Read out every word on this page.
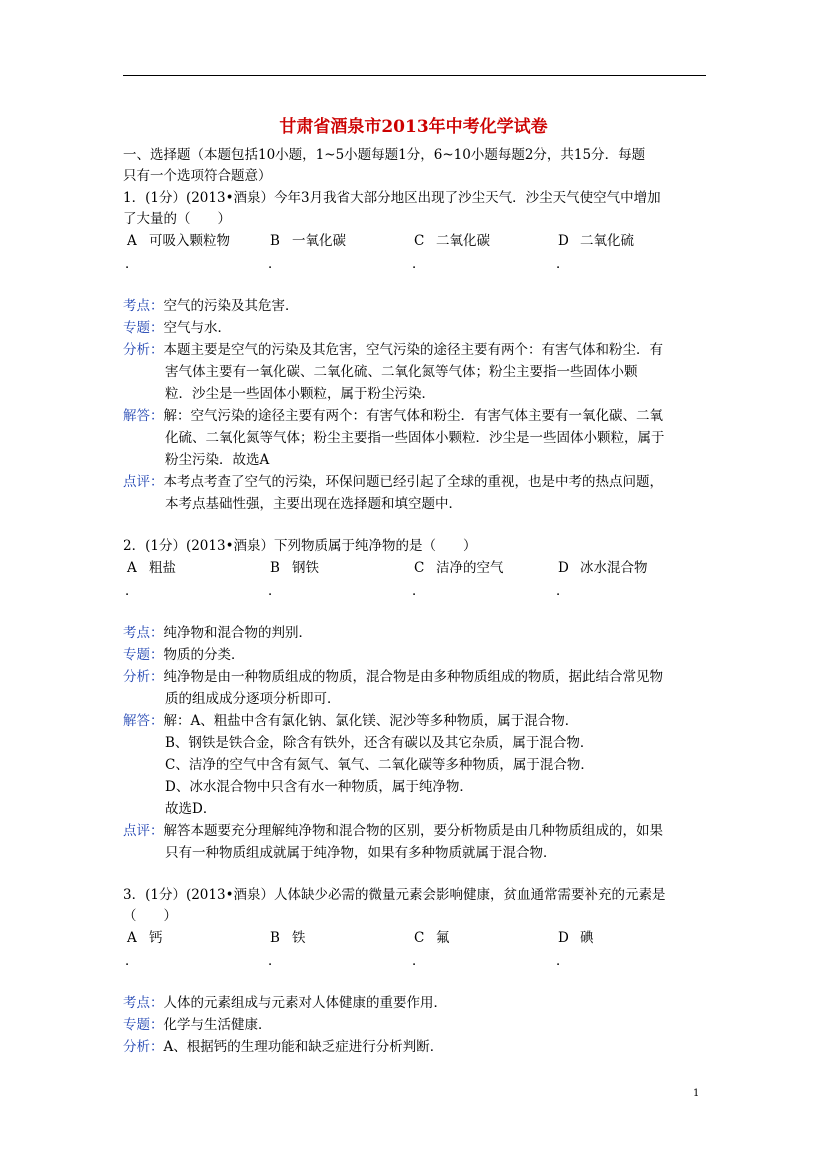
甘肃省酒泉市2013年中考化学试卷
一、选择题（本题包括10小题，1~5小题每题1分，6~10小题每题2分，共15分．每题
只有一个选项符合题意）
1．(1分）(2013•酒泉）今年3月我省大部分地区出现了沙尘天气．沙尘天气使空气中增加
了大量的（　　）
A 可吸入颗粒物	B 一氧化碳	C 二氧化碳	D 二氧化硫
．	．	．	．
考点：空气的污染及其危害．
专题：空气与水．
分析：本题主要是空气的污染及其危害，空气污染的途径主要有两个：有害气体和粉尘．有
害气体主要有一氧化碳、二氧化硫、二氧化氮等气体；粉尘主要指一些固体小颗
粒．沙尘是一些固体小颗粒，属于粉尘污染．
解答：解：空气污染的途径主要有两个：有害气体和粉尘．有害气体主要有一氧化碳、二氧
化硫、二氧化氮等气体；粉尘主要指一些固体小颗粒．沙尘是一些固体小颗粒，属于
粉尘污染．故选A
点评：本考点考查了空气的污染，环保问题已经引起了全球的重视，也是中考的热点问题，
本考点基础性强，主要出现在选择题和填空题中．
2．(1分）(2013•酒泉）下列物质属于纯净物的是（　　）
A 粗盐	B 钢铁	C 洁净的空气	D 冰水混合物
．	．	．	．
考点：纯净物和混合物的判别．
专题：物质的分类．
分析：纯净物是由一种物质组成的物质，混合物是由多种物质组成的物质，据此结合常见物
质的组成成分逐项分析即可．
解答：解：A、粗盐中含有氯化钠、氯化镁、泥沙等多种物质，属于混合物．
B、钢铁是铁合金，除含有铁外，还含有碳以及其它杂质，属于混合物．
C、洁净的空气中含有氮气、氧气、二氧化碳等多种物质，属于混合物．
D、冰水混合物中只含有水一种物质，属于纯净物．
故选D．
点评：解答本题要充分理解纯净物和混合物的区别，要分析物质是由几种物质组成的，如果
只有一种物质组成就属于纯净物，如果有多种物质就属于混合物．
3．(1分）(2013•酒泉）人体缺少必需的微量元素会影响健康，贫血通常需要补充的元素是
（　　）
A 钙	B 铁	C 氟	D 碘
．	．	．	．
考点：人体的元素组成与元素对人体健康的重要作用．
专题：化学与生活健康．
分析：A、根据钙的生理功能和缺乏症进行分析判断．
1
